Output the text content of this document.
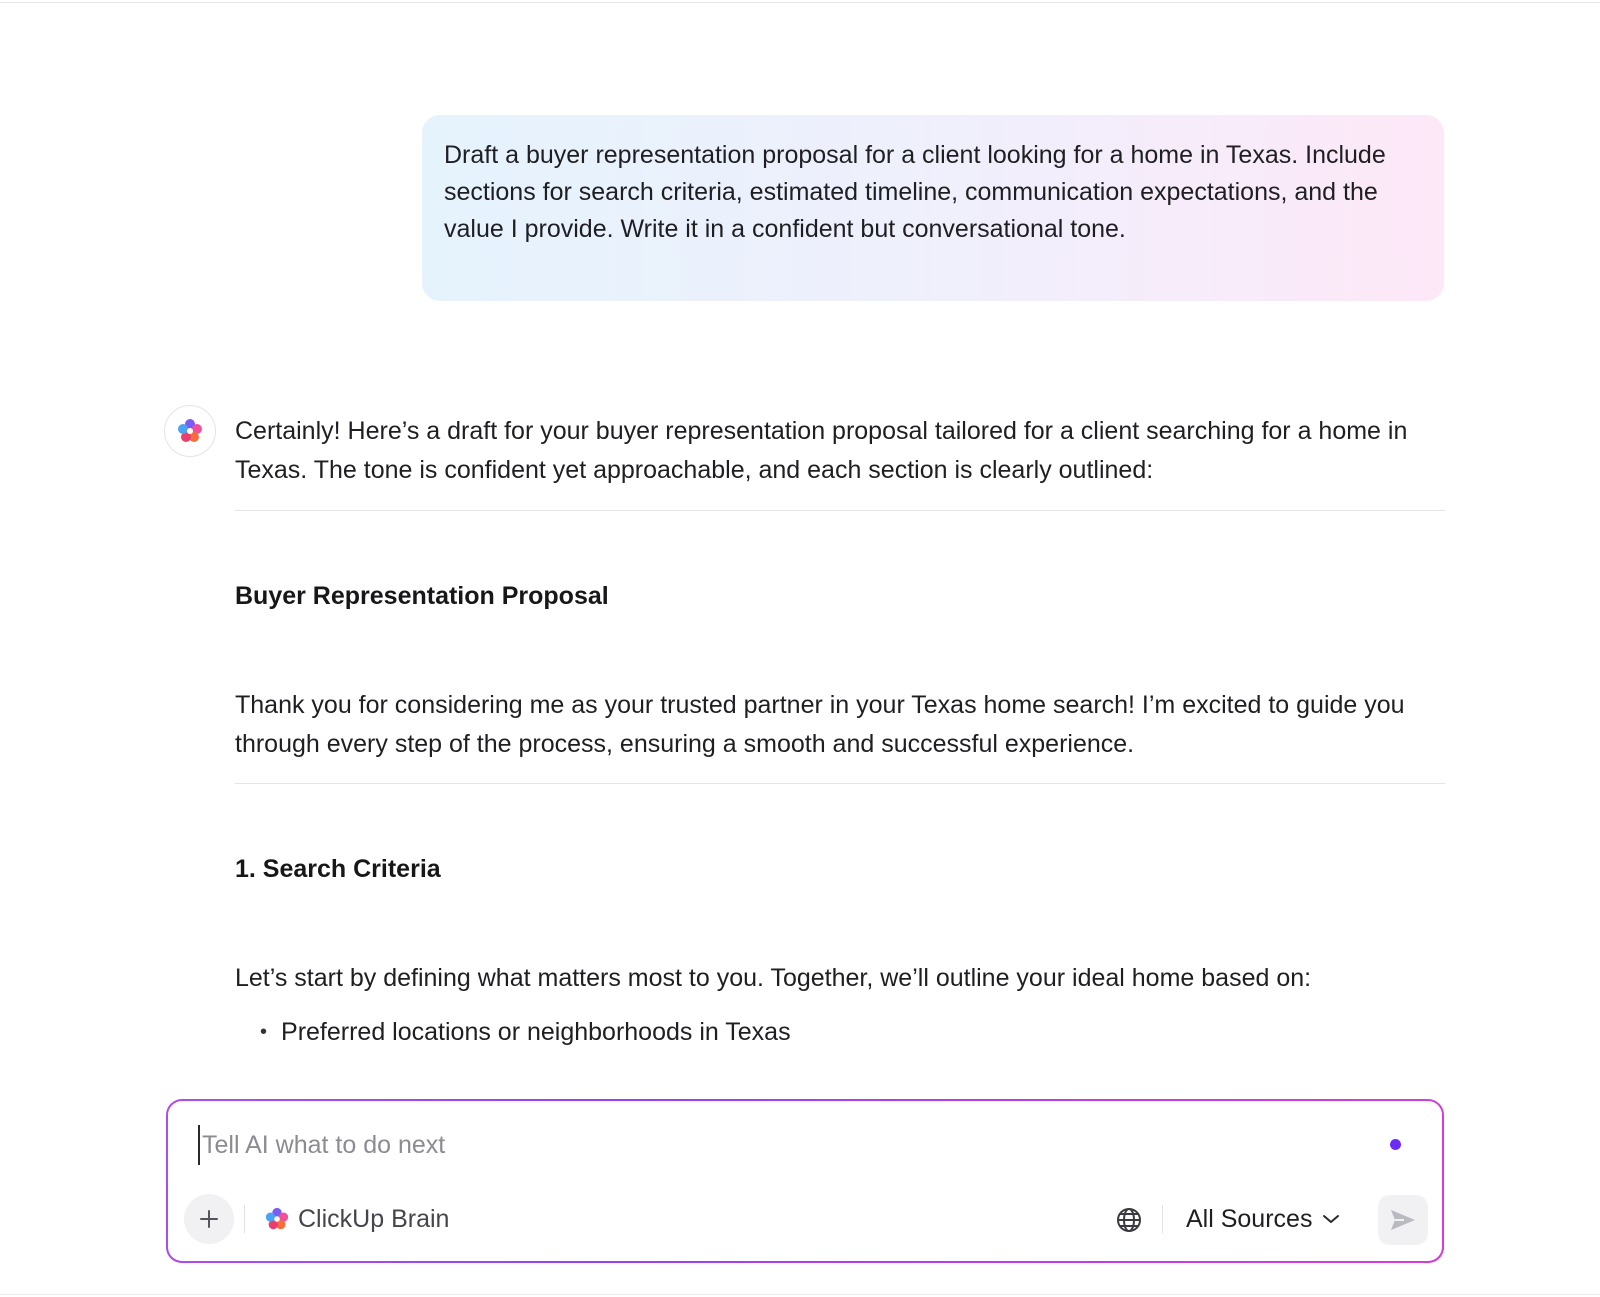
Draft a buyer representation proposal for a client looking for a home in Texas. Include sections for search criteria, estimated timeline, communication expectations, and the value I provide. Write it in a confident but conversational tone.
Certainly! Here’s a draft for your buyer representation proposal tailored for a client searching for a home in Texas. The tone is confident yet approachable, and each section is clearly outlined:
Buyer Representation Proposal
Thank you for considering me as your trusted partner in your Texas home search! I’m excited to guide you through every step of the process, ensuring a smooth and successful experience.
1. Search Criteria
Let’s start by defining what matters most to you. Together, we’ll outline your ideal home based on:
• Preferred locations or neighborhoods in Texas
Tell AI what to do next
ClickUp Brain	All Sources
